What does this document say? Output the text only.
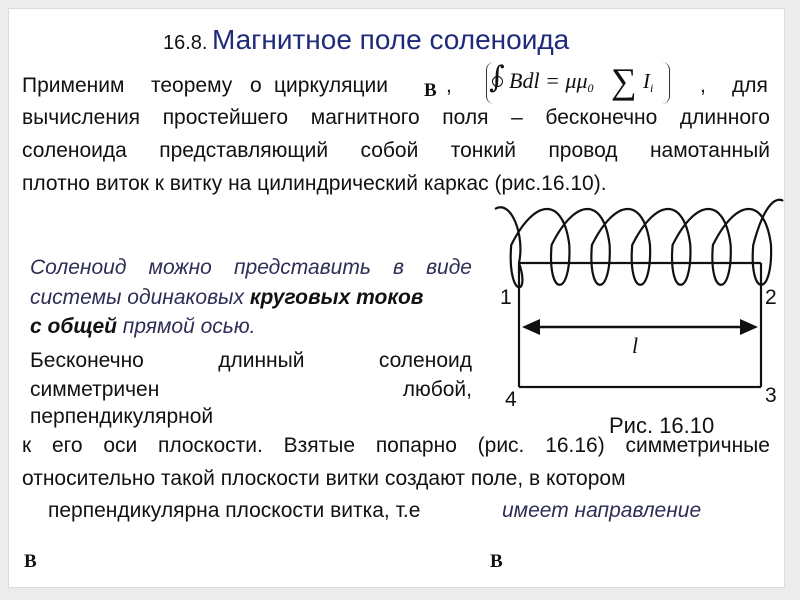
16.8. Магнитное поле соленоида
Применим теорему о циркуляции B , ∫ Bdl = μμ0 ∑ Ii , для
вычисления простейшего магнитного поля – бесконечно длинного
соленоида представляющий собой тонкий провод намотанный
плотно виток к витку на цилиндрический каркас (рис.16.10).
Соленоид можно представить в виде
системы одинаковых круговых токов
с общей прямой осью.
Бесконечно	длинный	соленоид
симметричен	любой,
перпендикулярной
к его оси плоскости. Взятые попарно (рис. 16.16) симметричные
относительно такой плоскости витки создают поле, в котором
перпендикулярна плоскости витка, т.е	имеет направление
B	B
1	2
4	3
l
Рис. 16.10
